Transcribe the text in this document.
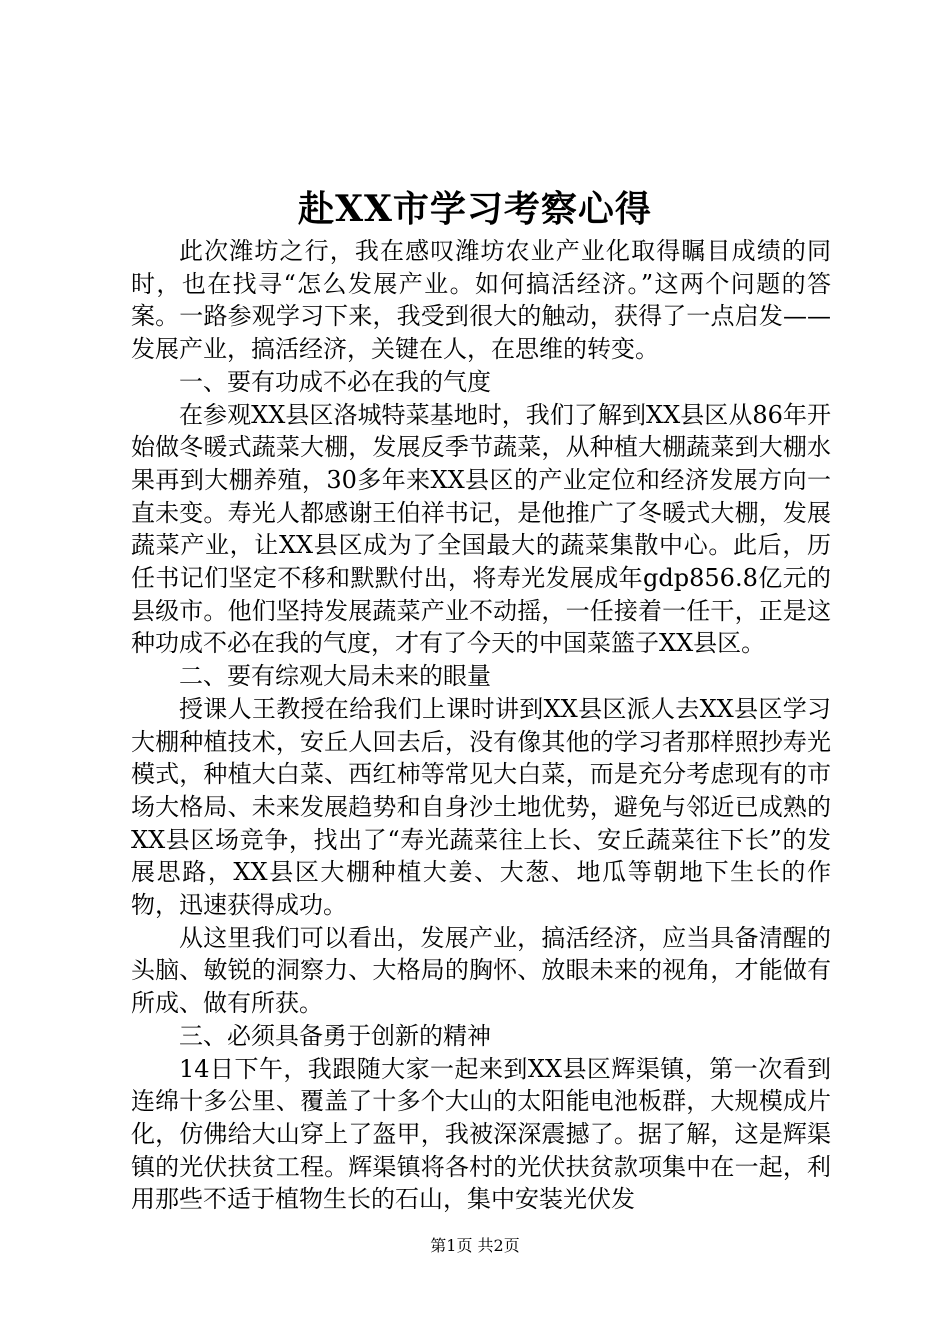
赴XX市学习考察心得

此次潍坊之行，我在感叹潍坊农业产业化取得瞩目成绩的同时，也在找寻“怎么发展产业。如何搞活经济。”这两个问题的答案。一路参观学习下来，我受到很大的触动，获得了一点启发——发展产业，搞活经济，关键在人，在思维的转变。

一、要有功成不必在我的气度

在参观XX县区洛城特菜基地时，我们了解到XX县区从86年开始做冬暖式蔬菜大棚，发展反季节蔬菜，从种植大棚蔬菜到大棚水果再到大棚养殖，30多年来XX县区的产业定位和经济发展方向一直未变。寿光人都感谢王伯祥书记，是他推广了冬暖式大棚，发展蔬菜产业，让XX县区成为了全国最大的蔬菜集散中心。此后，历任书记们坚定不移和默默付出，将寿光发展成年gdp856.8亿元的县级市。他们坚持发展蔬菜产业不动摇，一任接着一任干，正是这种功成不必在我的气度，才有了今天的中国菜篮子XX县区。

二、要有综观大局未来的眼量

授课人王教授在给我们上课时讲到XX县区派人去XX县区学习大棚种植技术，安丘人回去后，没有像其他的学习者那样照抄寿光模式，种植大白菜、西红柿等常见大白菜，而是充分考虑现有的市场大格局、未来发展趋势和自身沙土地优势，避免与邻近已成熟的XX县区场竞争，找出了“寿光蔬菜往上长、安丘蔬菜往下长”的发展思路，XX县区大棚种植大姜、大葱、地瓜等朝地下生长的作物，迅速获得成功。

从这里我们可以看出，发展产业，搞活经济，应当具备清醒的头脑、敏锐的洞察力、大格局的胸怀、放眼未来的视角，才能做有所成、做有所获。

三、必须具备勇于创新的精神

14日下午，我跟随大家一起来到XX县区辉渠镇，第一次看到连绵十多公里、覆盖了十多个大山的太阳能电池板群，大规模成片化，仿佛给大山穿上了盔甲，我被深深震撼了。据了解，这是辉渠镇的光伏扶贫工程。辉渠镇将各村的光伏扶贫款项集中在一起，利用那些不适于植物生长的石山，集中安装光伏发

第1页 共2页
